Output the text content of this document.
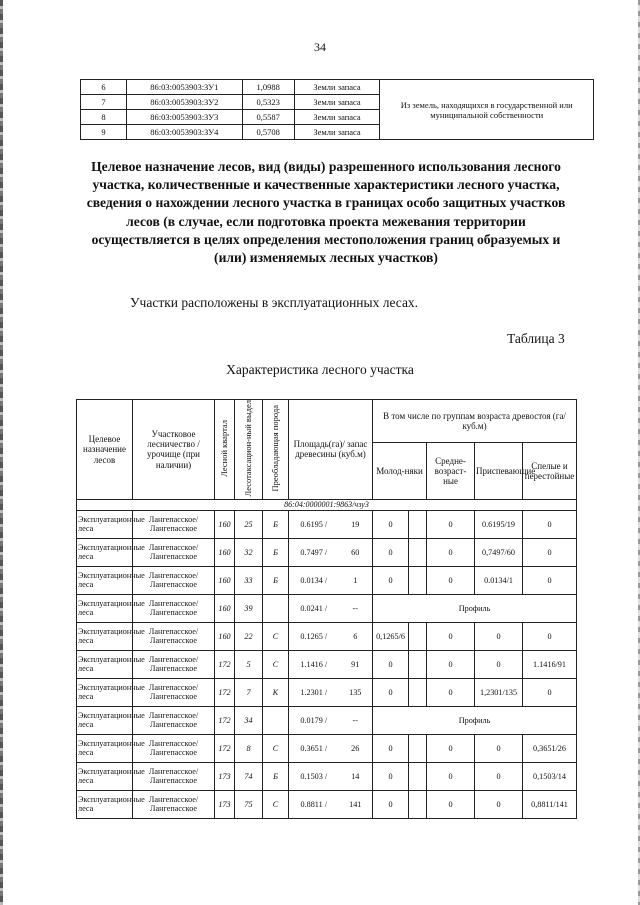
34
6	86:03:0053903:ЗУ1	1,0988	Земли запаса	Из земель, находящихся в государственной или муниципальной собственности
7	86:03:0053903:ЗУ2	0,5323	Земли запаса	
8	86:03:0053903:ЗУ3	0,5587	Земли запаса	
9	86:03:0053903:ЗУ4	0,5708	Земли запаса	
Целевое назначение лесов, вид (виды) разрешенного использования лесного участка, количественные и качественные характеристики лесного участка, сведения о нахождении лесного участка в границах особо защитных участков лесов (в случае, если подготовка проекта межевания территории осуществляется в целях определения местоположения границ образуемых и (или) изменяемых лесных участков)
Участки расположены в эксплуатационных лесах.
Таблица 3
Характеристика лесного участка
Целевое назначение лесов	Участковое лесничество /урочище (при наличии)	Лесной квартал	Лесотаксацион-ный выдел	Преобладающая порода	Площадь(га)/ запас древесины (куб.м)		В том числе по группам возраста древостоя (га/куб.м)				
							Молод-няки		Средне-возраст-ные	Приспевающие	Спелые и перестойные
86:04:0000001:9863/чзу3											
Эксплуатационные леса	Лангепасское/Лангепасское	160	25	Б	0.6195 /	19	0		0	0.6195/19	0
Эксплуатационные леса	Лангепасское/Лангепасское	160	32	Б	0.7497 /	60	0		0	0,7497/60	0
Эксплуатационные леса	Лангепасское/Лангепасское	160	33	Б	0.0134 /	1	0		0	0.0134/1	0
Эксплуатационные леса	Лангепасское/Лангепасское	160	39		0.0241 /	--	Профиль				
Эксплуатационные леса	Лангепасское/Лангепасское	160	22	С	0.1265 /	6	0,1265/6		0	0	0
Эксплуатационные леса	Лангепасское/Лангепасское	172	5	С	1.1416 /	91	0		0	0	1.1416/91
Эксплуатационные леса	Лангепасское/Лангепасское	172	7	К	1.2301 /	135	0		0	1,2301/135	0
Эксплуатационные леса	Лангепасское/Лангепасское	172	34		0.0179 /	--	Профиль				
Эксплуатационные леса	Лангепасское/Лангепасское	172	8	С	0.3651 /	26	0		0	0	0,3651/26
Эксплуатационные леса	Лангепасское/Лангепасское	173	74	Б	0.1503 /	14	0		0	0	0,1503/14
Эксплуатационные леса	Лангепасское/Лангепасское	173	75	С	0.8811 /	141	0		0	0	0,8811/141
